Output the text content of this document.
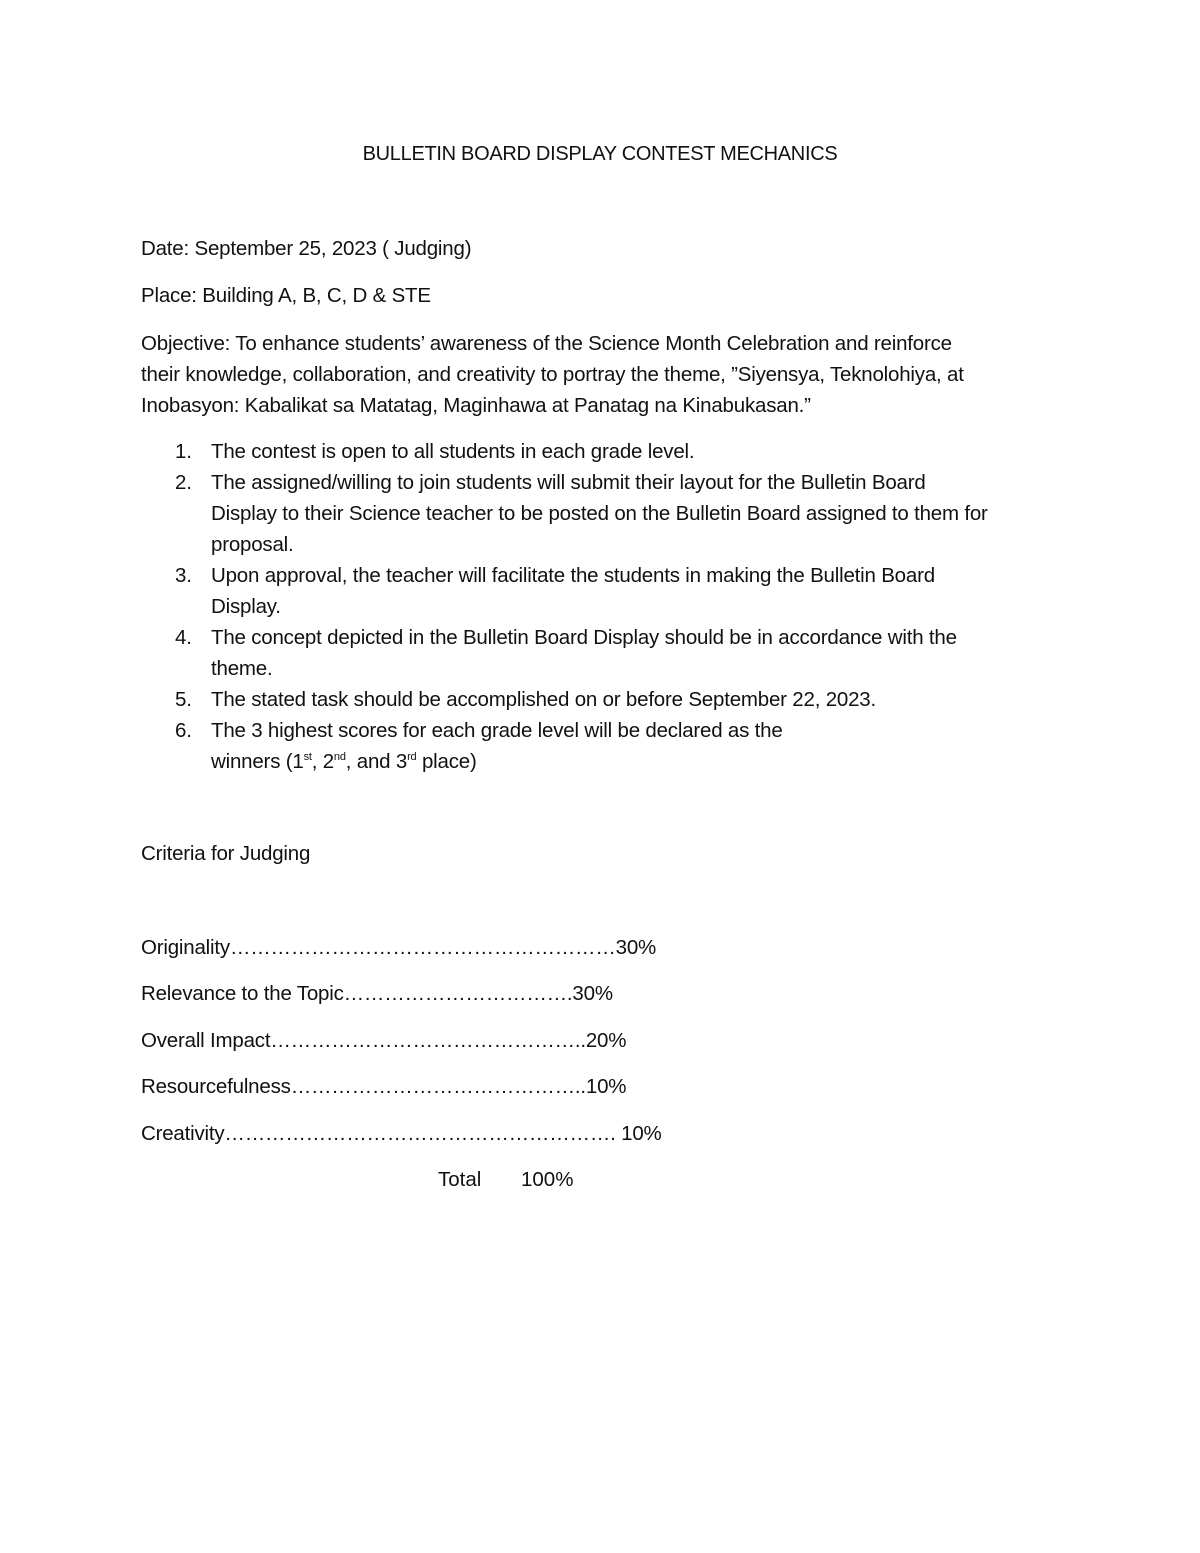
BULLETIN BOARD DISPLAY CONTEST MECHANICS
Date: September 25, 2023 ( Judging)
Place: Building A, B, C, D & STE
Objective: To enhance students’ awareness of the Science Month Celebration and reinforce
their knowledge, collaboration, and creativity to portray the theme, ”Siyensya, Teknolohiya, at
Inobasyon: Kabalikat sa Matatag, Maginhawa at Panatag na Kinabukasan.”
1. The contest is open to all students in each grade level.
2. The assigned/willing to join students will submit their layout for the Bulletin Board
Display to their Science teacher to be posted on the Bulletin Board assigned to them for
proposal.
3. Upon approval, the teacher will facilitate the students in making the Bulletin Board
Display.
4. The concept depicted in the Bulletin Board Display should be in accordance with the
theme.
5. The stated task should be accomplished on or before September 22, 2023.
6. The 3 highest scores for each grade level will be declared as the
winners (1st, 2nd, and 3rd place)
Criteria for Judging
Originality…………………………………………………30%
Relevance to the Topic…………………………….30%
Overall Impact………………………………………..20%
Resourcefulness……………………………………..10%
Creativity…………………………………………………. 10%
Total 100%
